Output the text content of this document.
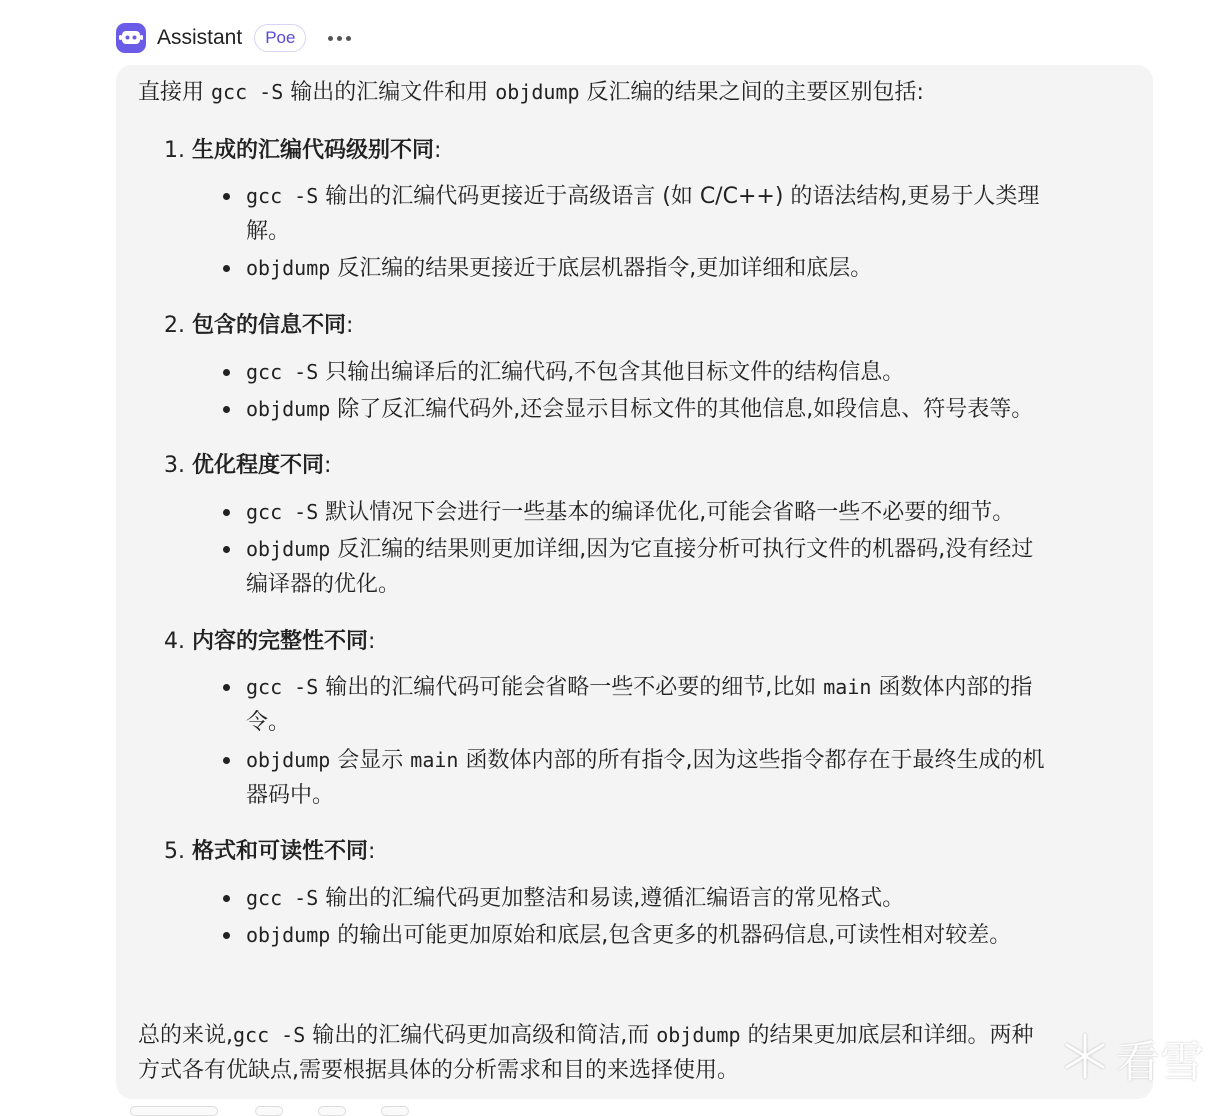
Assistant	Poe
直接用 gcc -S 输出的汇编文件和用 objdump 反汇编的结果之间的主要区别包括:
1. 生成的汇编代码级别不同:
gcc -S 输出的汇编代码更接近于高级语言 (如 C/C++) 的语法结构,更易于人类理
解。
objdump 反汇编的结果更接近于底层机器指令,更加详细和底层。
2. 包含的信息不同:
gcc -S 只输出编译后的汇编代码,不包含其他目标文件的结构信息。
objdump 除了反汇编代码外,还会显示目标文件的其他信息,如段信息、符号表等。
3. 优化程度不同:
gcc -S 默认情况下会进行一些基本的编译优化,可能会省略一些不必要的细节。
objdump 反汇编的结果则更加详细,因为它直接分析可执行文件的机器码,没有经过
编译器的优化。
4. 内容的完整性不同:
gcc -S 输出的汇编代码可能会省略一些不必要的细节,比如 main 函数体内部的指
令。
objdump 会显示 main 函数体内部的所有指令,因为这些指令都存在于最终生成的机
器码中。
5. 格式和可读性不同:
gcc -S 输出的汇编代码更加整洁和易读,遵循汇编语言的常见格式。
objdump 的输出可能更加原始和底层,包含更多的机器码信息,可读性相对较差。
总的来说,gcc -S 输出的汇编代码更加高级和简洁,而 objdump 的结果更加底层和详细。两种
方式各有优缺点,需要根据具体的分析需求和目的来选择使用。	看雪
